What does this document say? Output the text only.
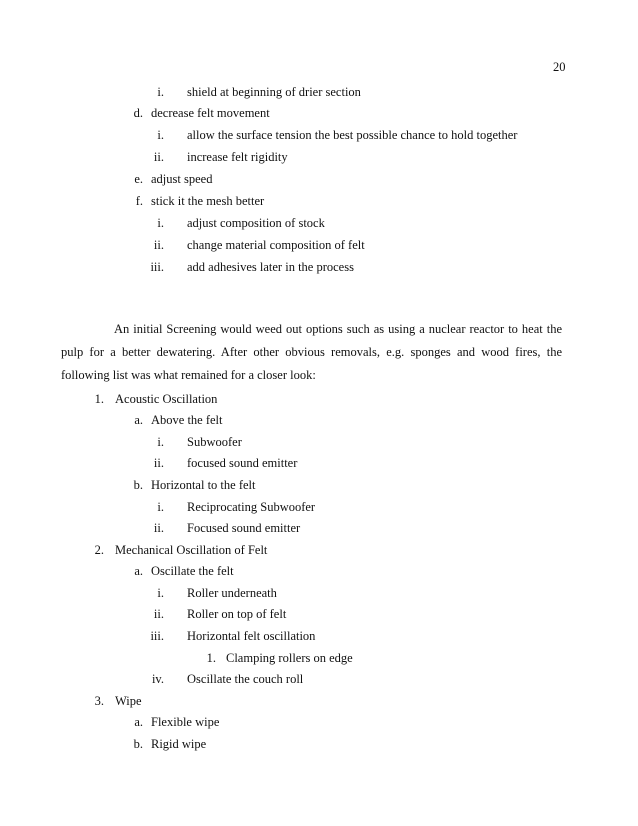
20
i. shield at beginning of drier section
d. decrease felt movement
i. allow the surface tension the best possible chance to hold together
ii. increase felt rigidity
e. adjust speed
f. stick it the mesh better
i. adjust composition of stock
ii. change material composition of felt
iii. add adhesives later in the process
An initial Screening would weed out options such as using a nuclear reactor to heat the
pulp for a better dewatering. After other obvious removals, e.g. sponges and wood fires, the
following list was what remained for a closer look:
1. Acoustic Oscillation
a. Above the felt
i. Subwoofer
ii. focused sound emitter
b. Horizontal to the felt
i. Reciprocating Subwoofer
ii. Focused sound emitter
2. Mechanical Oscillation of Felt
a. Oscillate the felt
i. Roller underneath
ii. Roller on top of felt
iii. Horizontal felt oscillation
1. Clamping rollers on edge
iv. Oscillate the couch roll
3. Wipe
a. Flexible wipe
b. Rigid wipe
